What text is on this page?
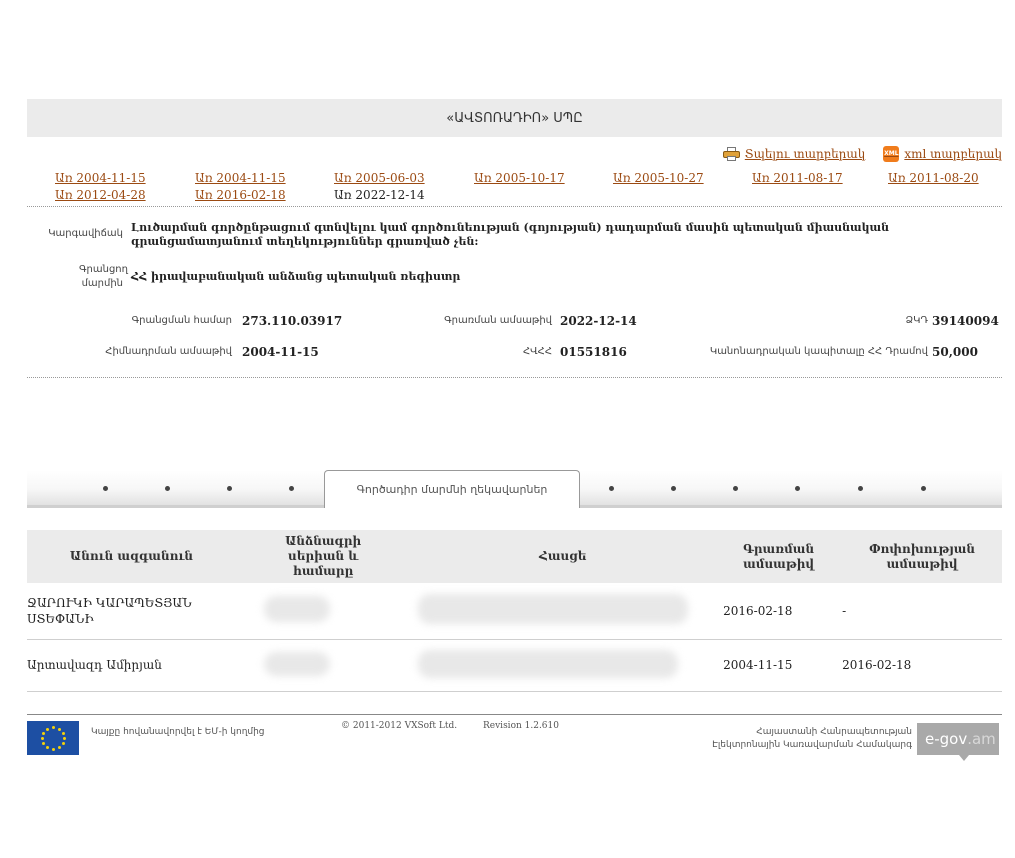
«ԱՎՏՈՌԱԴԻՈ» ՍՊԸ
Տպելու տարբերակ	XML xml տարբերակ
Առ 2004-11-15	Առ 2004-11-15	Առ 2005-06-03	Առ 2005-10-17	Առ 2005-10-27	Առ 2011-08-17	Առ 2011-08-20
Առ 2012-04-28	Առ 2016-02-18	Առ 2022-12-14
Կարգավիճակ Լուծարման գործընթացում գտնվելու կամ գործունեության (գոյության) դադարման մասին պետական միասնական գրանցամատյանում տեղեկություններ գրառված չեն:
Գրանցող մարմին
ՀՀ իրավաբանական անձանց պետական ռեգիստր
Գրանցման համար 273.110.03917	Գրառման ամսաթիվ 2022-12-14	ՁԿԴ 39140094
Հիմնադրման ամսաթիվ 2004-11-15	ՀՎՀՀ 01551816	Կանոնադրական կապիտալը ՀՀ Դրամով 50,000
Գործադիր մարմնի ղեկավարներ
Անուն ազգանուն	Անձնագրի սերիան և համարը	Հասցե	Գրառման ամսաթիվ	Փոփոխության ամսաթիվ
ՋԱՐՈՒԿԻ ԿԱՐԱՊԵՏՅԱՆ ՍՏԵՓԱՆԻ			2016-02-18	-
Արտավազդ Ամիրյան			2004-11-15	2016-02-18
Կայքը հովանավորվել է ԵՄ-ի կողմից
© 2011-2012 VXSoft Ltd.	Revision 1.2.610
Հայաստանի Հանրապետության
Էլեկտրոնային Կառավարման Համակարգ e-gov .am
